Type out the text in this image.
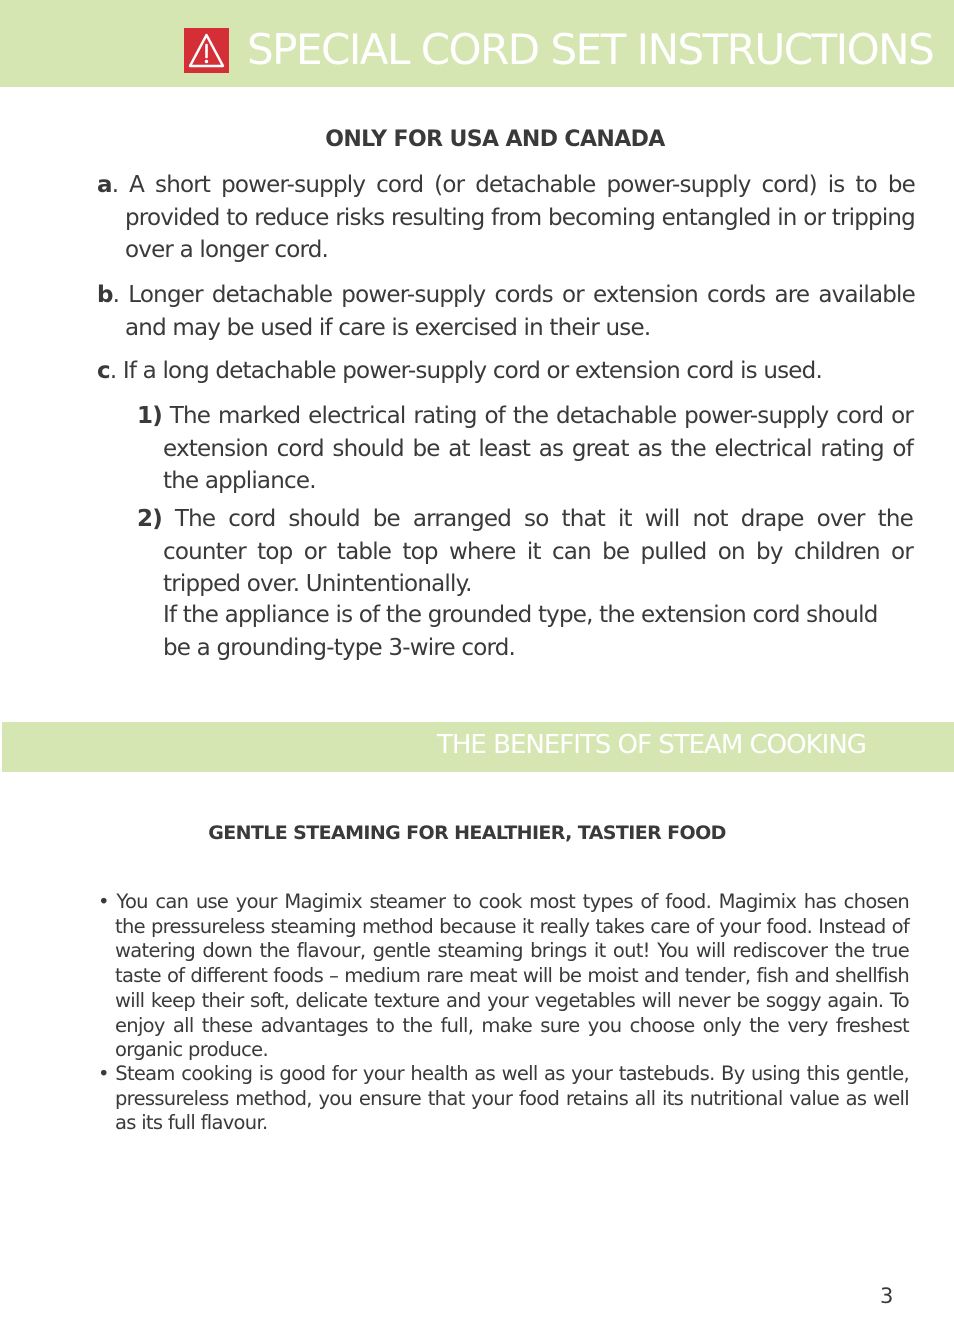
SPECIAL CORD SET INSTRUCTIONS
ONLY FOR USA AND CANADA
a. A short power-supply cord (or detachable power-supply cord) is to be provided to reduce risks resulting from becoming entangled in or tripping over a longer cord.
b. Longer detachable power-supply cords or extension cords are available and may be used if care is exercised in their use.
c. If a long detachable power-supply cord or extension cord is used.
1) The marked electrical rating of the detachable power-supply cord or extension cord should be at least as great as the electrical rating of the appliance.
2) The cord should be arranged so that it will not drape over the counter top or table top where it can be pulled on by children or tripped over. Unintentionally.
If the appliance is of the grounded type, the extension cord should be a grounding-type 3-wire cord.
THE BENEFITS OF STEAM COOKING
GENTLE STEAMING FOR HEALTHIER, TASTIER FOOD
• You can use your Magimix steamer to cook most types of food. Magimix has chosen the pressureless steaming method because it really takes care of your food. Instead of watering down the flavour, gentle steaming brings it out! You will rediscover the true taste of different foods – medium rare meat will be moist and tender, fish and shellfish will keep their soft, delicate texture and your vegetables will never be soggy again. To enjoy all these advantages to the full, make sure you choose only the very freshest organic produce.
• Steam cooking is good for your health as well as your tastebuds. By using this gentle, pressureless method, you ensure that your food retains all its nutritional value as well as its full flavour.
3
